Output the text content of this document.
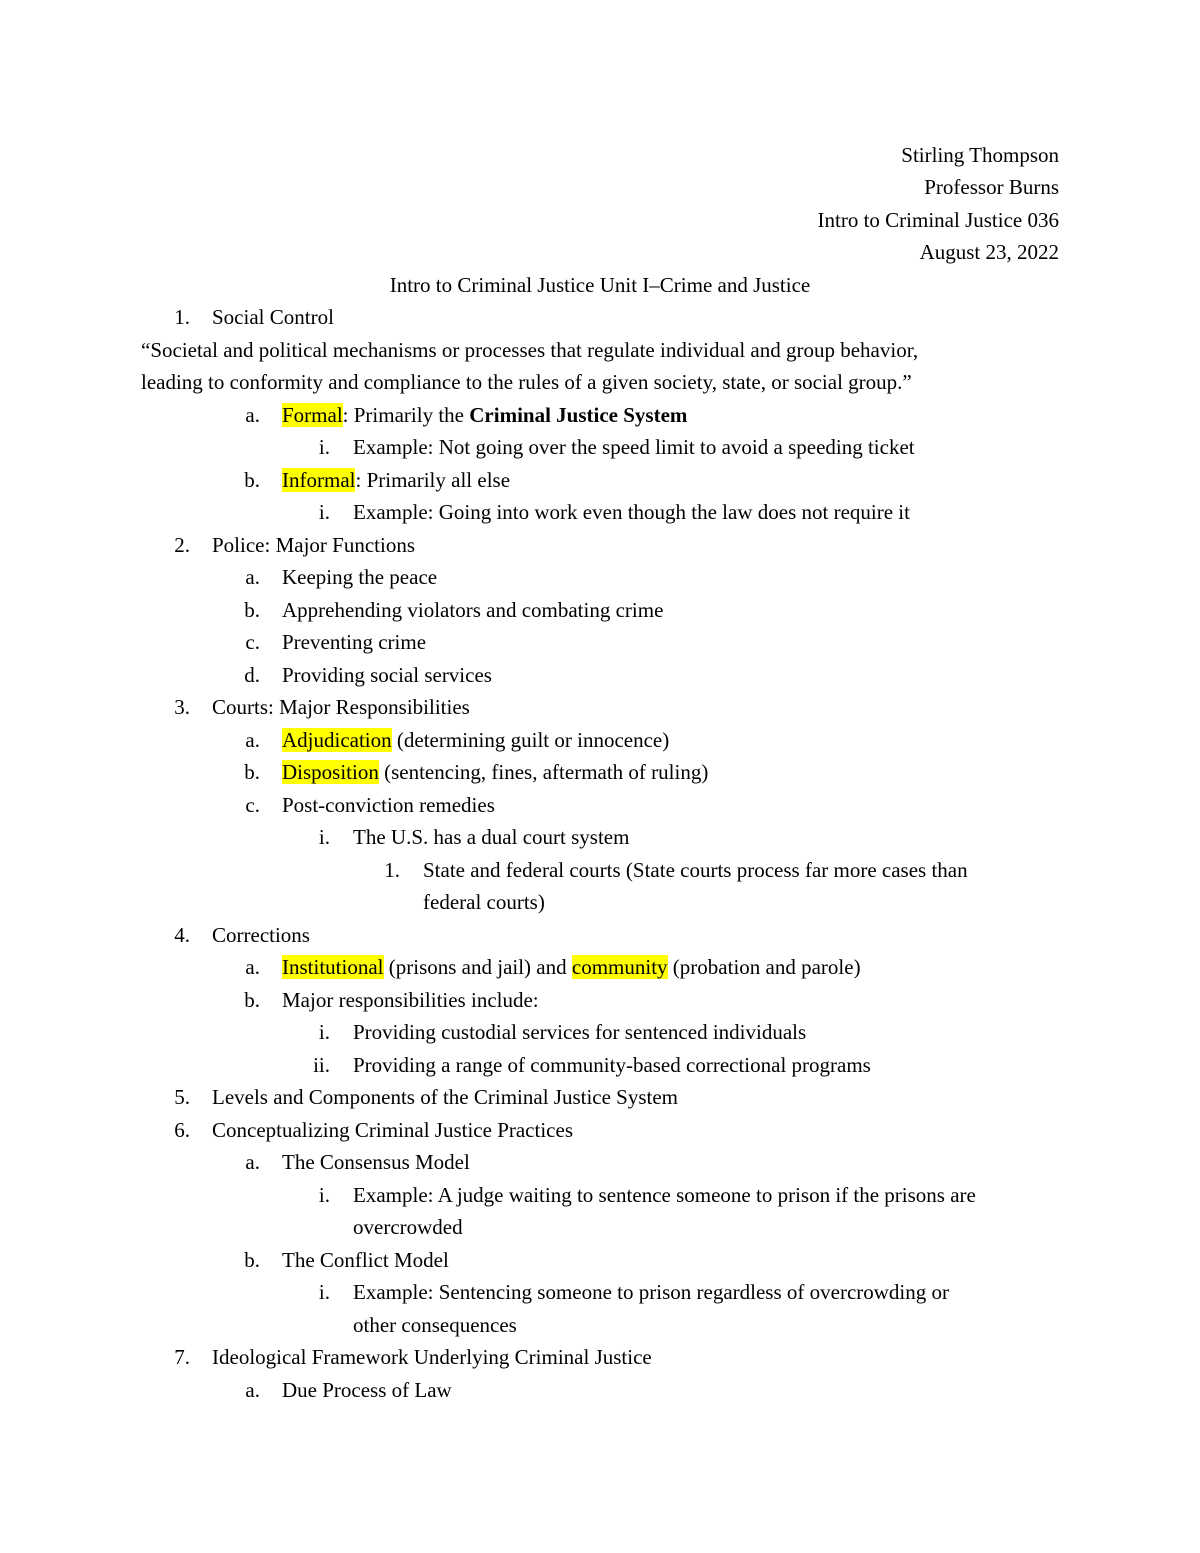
Stirling Thompson
Professor Burns
Intro to Criminal Justice 036
August 23, 2022
Intro to Criminal Justice Unit I–Crime and Justice
1. Social Control
“Societal and political mechanisms or processes that regulate individual and group behavior,
leading to conformity and compliance to the rules of a given society, state, or social group.”
a. Formal: Primarily the Criminal Justice System
i. Example: Not going over the speed limit to avoid a speeding ticket
b. Informal: Primarily all else
i. Example: Going into work even though the law does not require it
2. Police: Major Functions
a. Keeping the peace
b. Apprehending violators and combating crime
c. Preventing crime
d. Providing social services
3. Courts: Major Responsibilities
a. Adjudication (determining guilt or innocence)
b. Disposition (sentencing, fines, aftermath of ruling)
c. Post-conviction remedies
i. The U.S. has a dual court system
1. State and federal courts (State courts process far more cases than
federal courts)
4. Corrections
a. Institutional (prisons and jail) and community (probation and parole)
b. Major responsibilities include:
i. Providing custodial services for sentenced individuals
ii. Providing a range of community-based correctional programs
5. Levels and Components of the Criminal Justice System
6. Conceptualizing Criminal Justice Practices
a. The Consensus Model
i. Example: A judge waiting to sentence someone to prison if the prisons are
overcrowded
b. The Conflict Model
i. Example: Sentencing someone to prison regardless of overcrowding or
other consequences
7. Ideological Framework Underlying Criminal Justice
a. Due Process of Law
